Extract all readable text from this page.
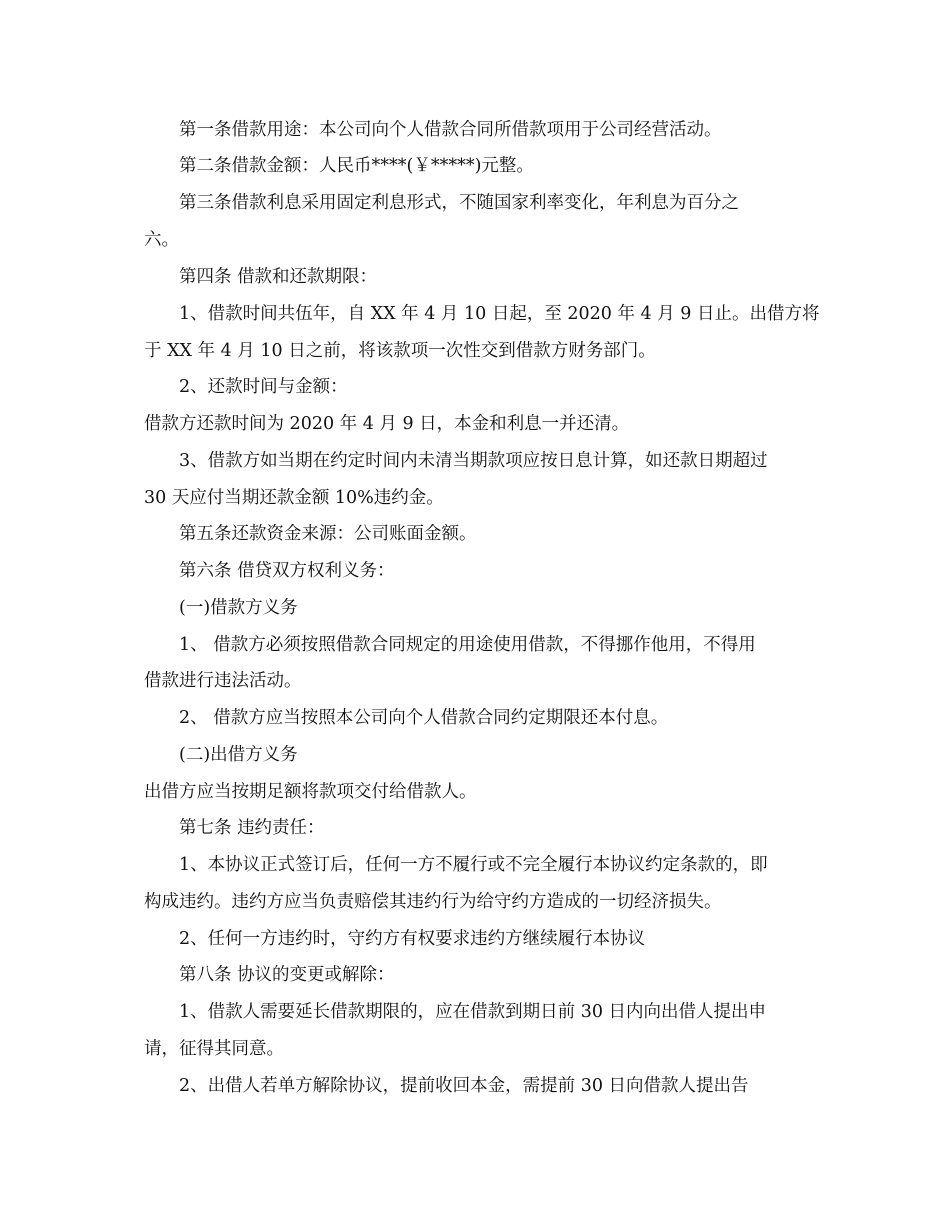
第一条借款用途：本公司向个人借款合同所借款项用于公司经营活动。
第二条借款金额：人民币****(￥*****)元整。
第三条借款利息采用固定利息形式，不随国家利率变化，年利息为百分之
六。
第四条 借款和还款期限：
1、借款时间共伍年，自 XX 年 4 月 10 日起，至 2020 年 4 月 9 日止。出借方将
于 XX 年 4 月 10 日之前，将该款项一次性交到借款方财务部门。
2、还款时间与金额：
借款方还款时间为 2020 年 4 月 9 日，本金和利息一并还清。
3、借款方如当期在约定时间内未清当期款项应按日息计算，如还款日期超过
30 天应付当期还款金额 10%违约金。
第五条还款资金来源：公司账面金额。
第六条 借贷双方权利义务：
(一)借款方义务
1、 借款方必须按照借款合同规定的用途使用借款，不得挪作他用，不得用
借款进行违法活动。
2、 借款方应当按照本公司向个人借款合同约定期限还本付息。
(二)出借方义务
出借方应当按期足额将款项交付给借款人。
第七条 违约责任：
1、本协议正式签订后，任何一方不履行或不完全履行本协议约定条款的，即
构成违约。违约方应当负责赔偿其违约行为给守约方造成的一切经济损失。
2、任何一方违约时，守约方有权要求违约方继续履行本协议
第八条 协议的变更或解除：
1、借款人需要延长借款期限的，应在借款到期日前 30 日内向出借人提出申
请，征得其同意。
2、出借人若单方解除协议，提前收回本金，需提前 30 日向借款人提出告
